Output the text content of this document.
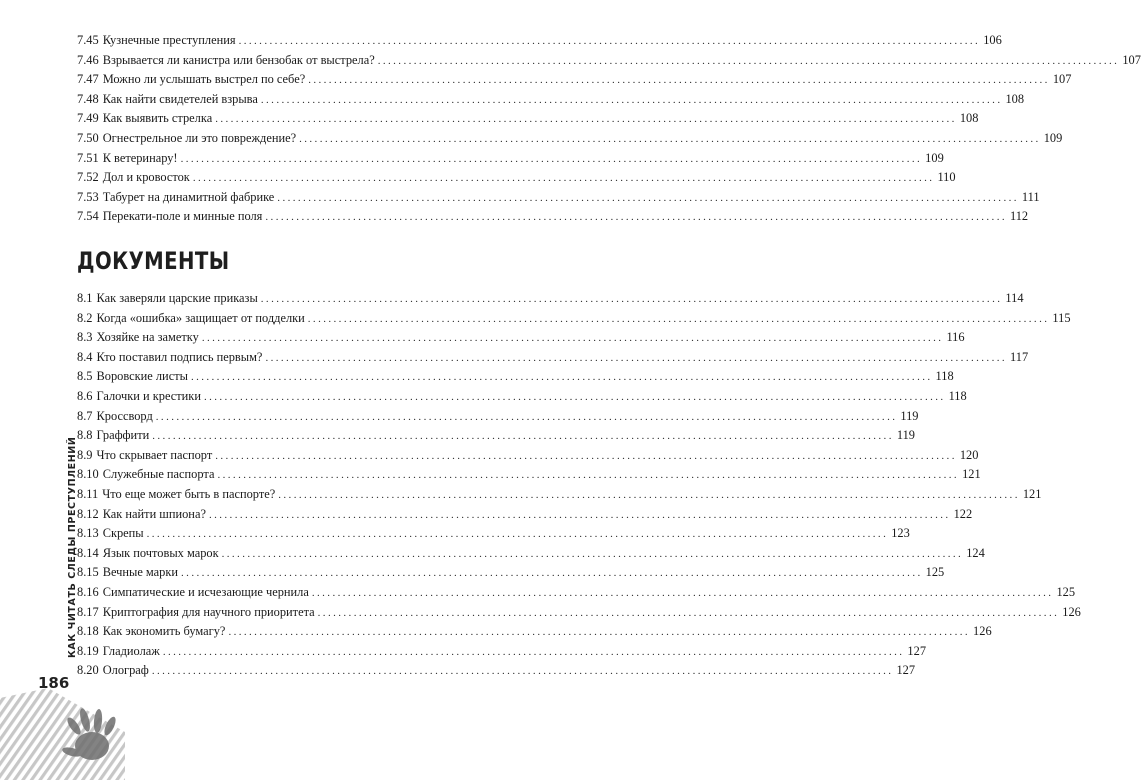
7.45 Кузнечные преступления .....	106
7.46 Взрывается ли канистра или бензобак от выстрела? .....	107
7.47 Можно ли услышать выстрел по себе? .....	107
7.48 Как найти свидетелей взрыва .....	108
7.49 Как выявить стрелка .....	108
7.50 Огнестрельное ли это повреждение? .....	109
7.51 К ветеринару! .....	109
7.52 Дол и кровосток .....	110
7.53 Табурет на динамитной фабрике .....	111
7.54 Перекати-поле и минные поля .....	112
ДОКУМЕНТЫ
8.1 Как заверяли царские приказы .....	114
8.2 Когда «ошибка» защищает от подделки .....	115
8.3 Хозяйке на заметку .....	116
8.4 Кто поставил подпись первым? .....	117
8.5 Воровские листы .....	118
8.6 Галочки и крестики .....	118
8.7 Кроссворд .....	119
8.8 Граффити .....	119
8.9 Что скрывает паспорт .....	120
8.10 Служебные паспорта .....	121
8.11 Что еще может быть в паспорте? .....	121
8.12 Как найти шпиона? .....	122
8.13 Скрепы .....	123
8.14 Язык почтовых марок .....	124
8.15 Вечные марки .....	125
8.16 Симпатические и исчезающие чернила .....	125
8.17 Криптография для научного приоритета .....	126
8.18 Как экономить бумагу? .....	126
8.19 Гладиолаж .....	127
8.20 Олограф .....	127
КАК ЧИТАТЬ СЛЕДЫ ПРЕСТУПЛЕНИЙ
186
